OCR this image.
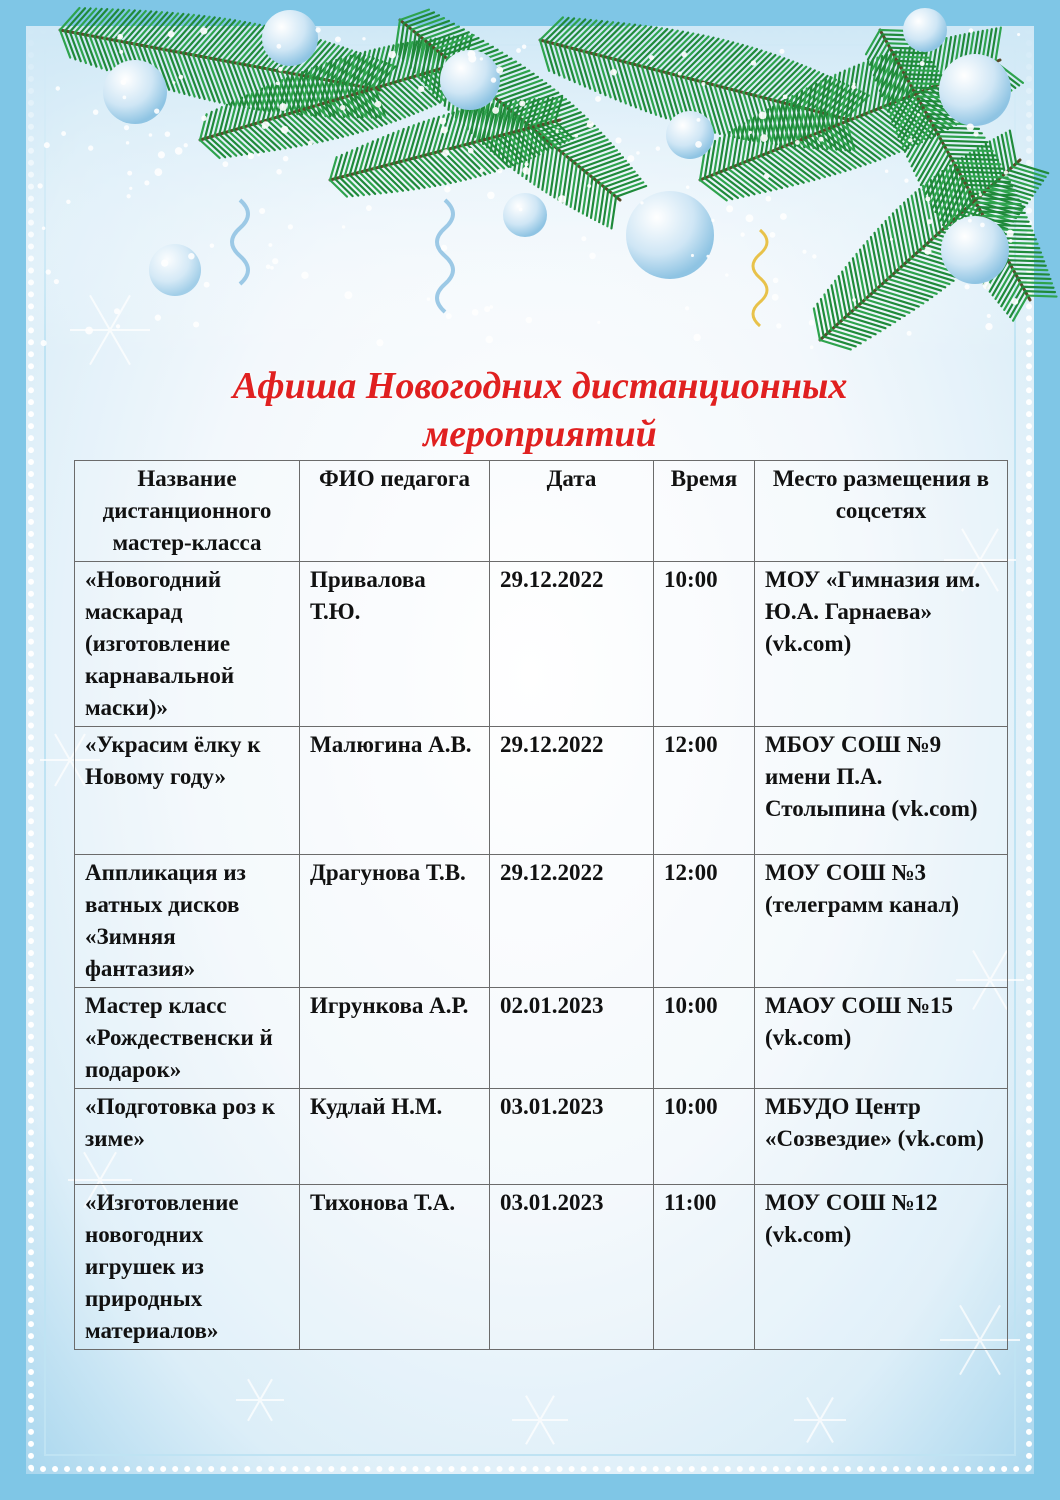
Афиша Новогодних дистанционных
мероприятий
Название дистанционного мастер-класса	ФИО педагога	Дата	Время	Место размещения в соцсетях
«Новогодний маскарад (изготовление карнавальной маски)»	Привалова Т.Ю.	29.12.2022	10:00	МОУ «Гимназия им. Ю.А. Гарнаева» (vk.com)
«Украсим ёлку к Новому году»	Малюгина А.В.	29.12.2022	12:00	МБОУ СОШ №9 имени П.А. Столыпина (vk.com)
Аппликация из ватных дисков «Зимняя фантазия»	Драгунова Т.В.	29.12.2022	12:00	МОУ СОШ №3 (телеграмм канал)
Мастер класс «Рождественски й подарок»	Игрункова А.Р.	02.01.2023	10:00	МАОУ СОШ №15 (vk.com)
«Подготовка роз к зиме»	Кудлай Н.М.	03.01.2023	10:00	МБУДО Центр «Созвездие» (vk.com)
«Изготовление новогодних игрушек из природных материалов»	Тихонова Т.А.	03.01.2023	11:00	МОУ СОШ №12 (vk.com)
